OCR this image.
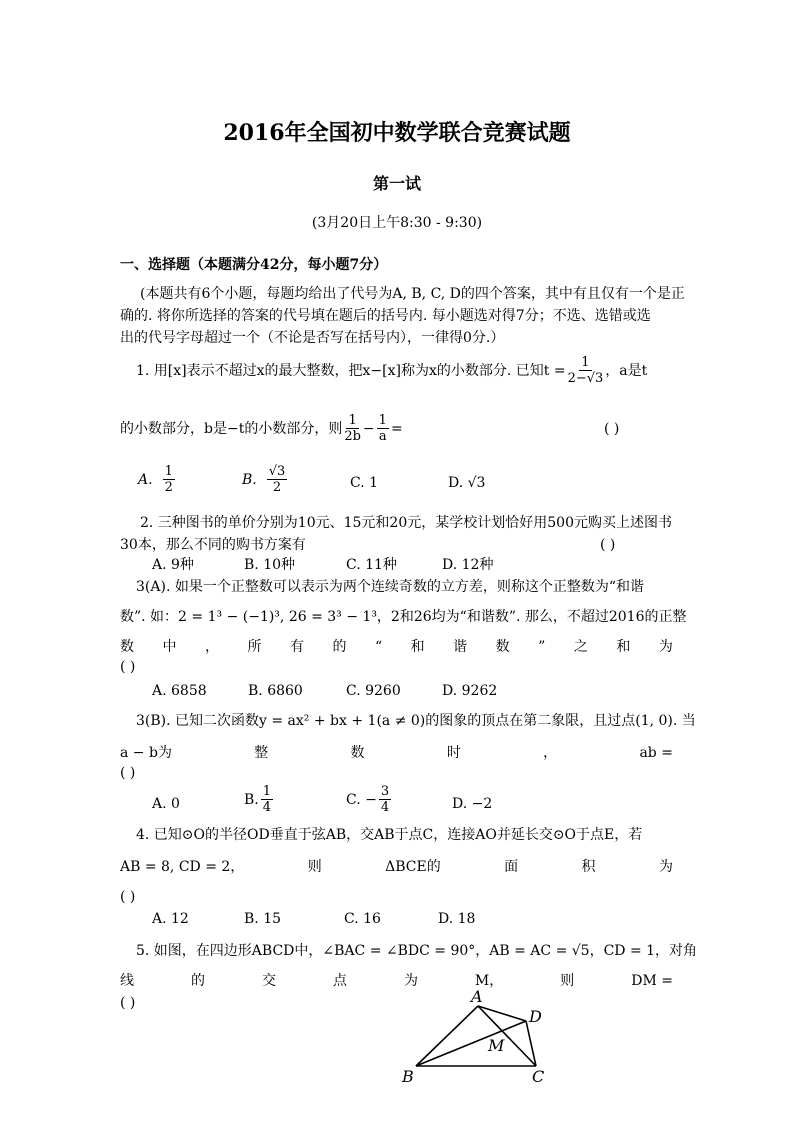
2016年全国初中数学联合竞赛试题
第一试
(3月20日上午8:30 - 9:30)
一、选择题（本题满分42分，每小题7分）
(本题共有6个小题，每题均给出了代号为A, B, C, D的四个答案，其中有且仅有一个是正
确的. 将你所选择的答案的代号填在题后的括号内. 每小题选对得7分；不选、选错或选
出的代号字母超过一个（不论是否写在括号内），一律得0分.）
1. 用[x]表示不超过x的最大整数，把x−[x]称为x的小数部分. 已知$t = \frac{1}{2-√3}$ ，a是t
的小数部分，b是−t的小数部分，则 $\frac{1}{2b} - \frac{1}{a}$ =	( )
A. $\frac{1}{2}$	B. $\frac{√3}{2}$	C. 1	D. √3
2. 三种图书的单价分别为10元、15元和20元，某学校计划恰好用500元购买上述图书
30本，那么不同的购书方案有	( )
A. 9种	B. 10种	C. 11种	D. 12种
3(A). 如果一个正整数可以表示为两个连续奇数的立方差，则称这个正整数为“和谐
数”. 如：2 = 1³ − (−1)³, 26 = 3³ − 1³，2和26均为“和谐数”. 那么，不超过2016的正整
数 中 ， 所 有 的 “ 和 谐 数 ” 之 和 为
( )
A. 6858	B. 6860	C. 9260	D. 9262
3(B). 已知二次函数y = ax² + bx + 1(a ≠ 0)的图象的顶点在第二象限，且过点(1, 0). 当
a − b为	整	数	时	，	ab =
( )
A. 0	B. $\frac{1}{4}$	C. − $\frac{3}{4}$	D. −2
4. 已知⊙O的半径OD垂直于弦AB，交AB于点C，连接AO并延长交⊙O于点E，若
AB = 8, CD = 2，	则	ΔBCE的	面	积	为
( )
A. 12	B. 15	C. 16	D. 18
5. 如图，在四边形ABCD中，∠BAC = ∠BDC = 90°，AB = AC = √5，CD = 1，对角
线	的	交	点	为	M，	则	DM =
( )	A
B	C
D
M
